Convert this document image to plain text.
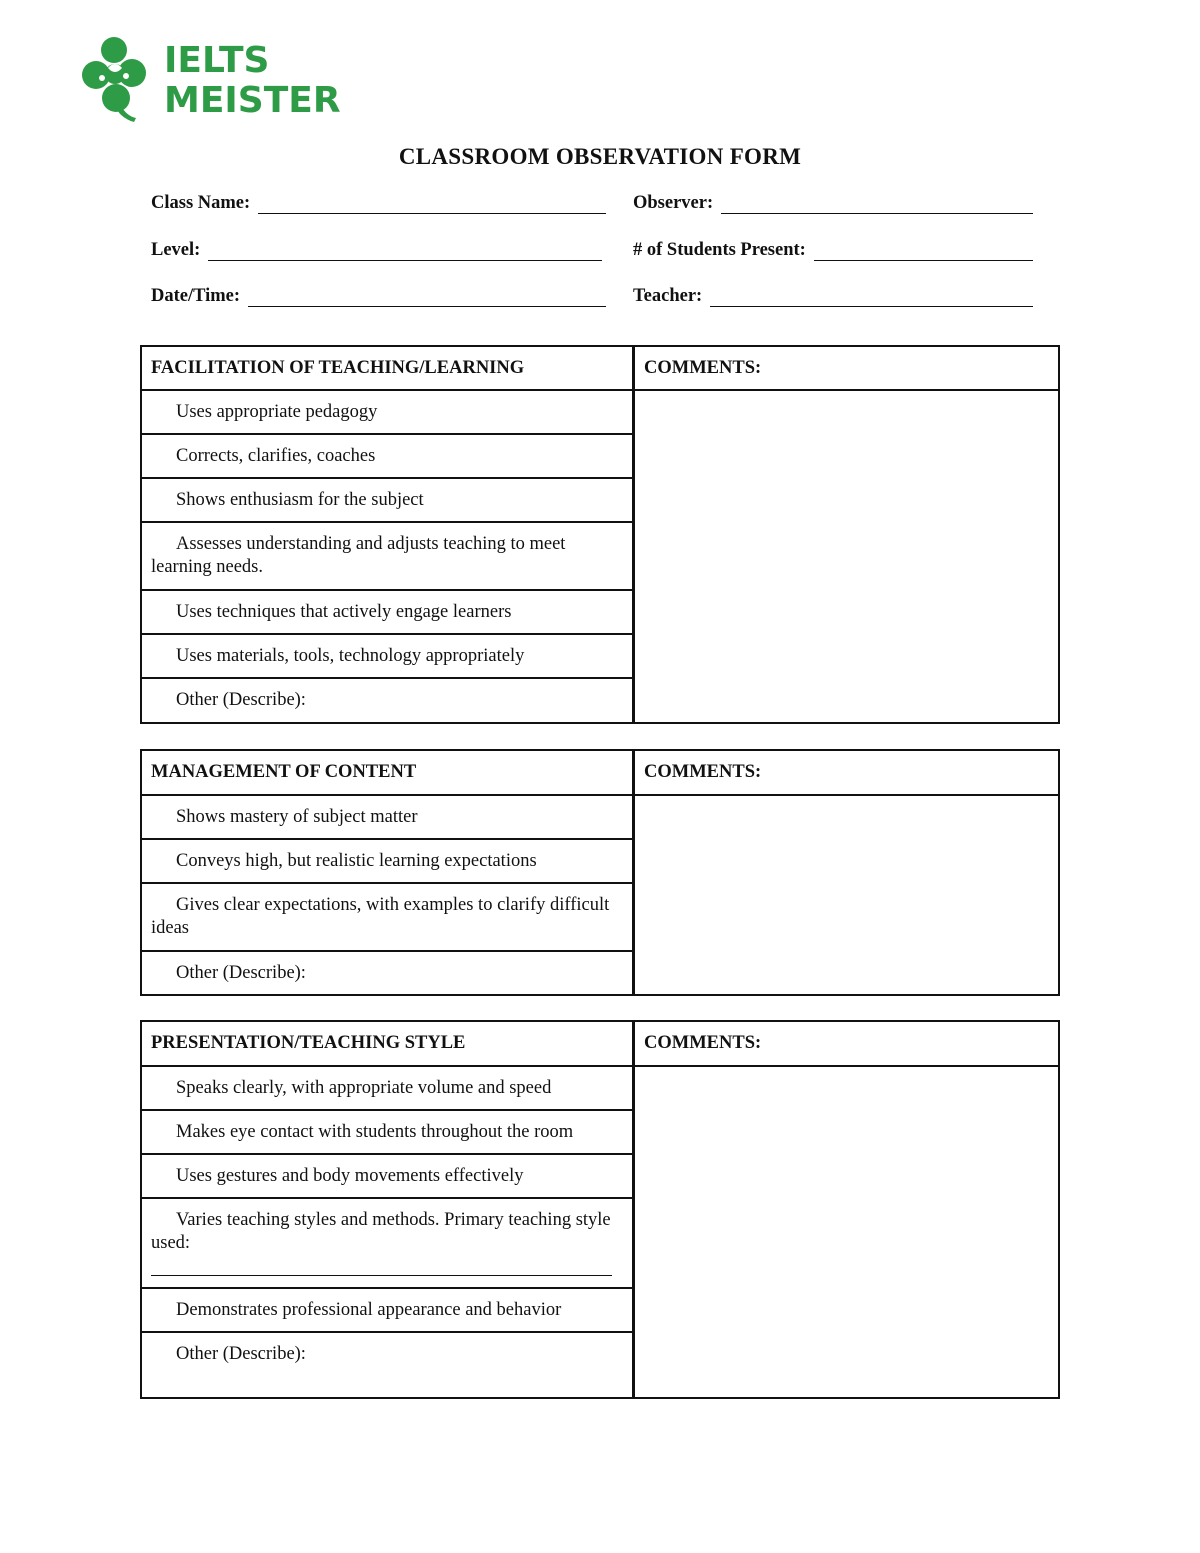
IELTS
MEISTER
CLASSROOM OBSERVATION FORM
Class Name:	Observer:
Level:	# of Students Present:
Date/Time:	Teacher:
FACILITATION OF TEACHING/LEARNING	COMMENTS:

Uses appropriate pedagogy	

Corrects, clarifies, coaches	

Shows enthusiasm for the subject	

Assesses understanding and adjusts teaching to meet learning needs.	

Uses techniques that actively engage learners	

Uses materials, tools, technology appropriately	

Other (Describe):	
MANAGEMENT OF CONTENT	COMMENTS:

Shows mastery of subject matter	

Conveys high, but realistic learning expectations	

Gives clear expectations, with examples to clarify difficult ideas	

Other (Describe):	
PRESENTATION/TEACHING STYLE	COMMENTS:

Speaks clearly, with appropriate volume and speed	

Makes eye contact with students throughout the room	

Uses gestures and body movements effectively	

Varies teaching styles and methods. Primary teaching style used:	

Demonstrates professional appearance and behavior	

Other (Describe):	
